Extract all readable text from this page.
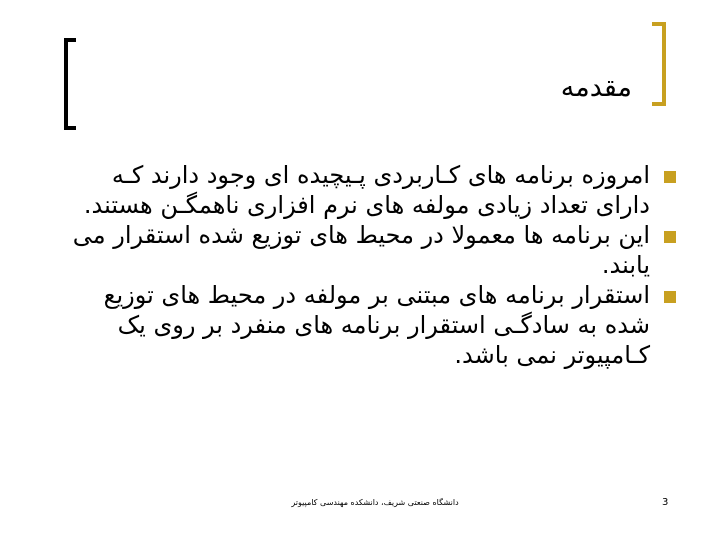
مقدمه
امروزه برنامه های کـاربردی پـیچیده ای وجود دارند کـه دارای تعداد زیادی مولفه های نرم افزاری ناهمگـن هستند.
این برنامه ها معمولا در محیط های توزیع شده استقرار می یابند.
استقرار برنامه های مبتنی بر مولفه در محیط های توزیع شده به سادگـی استقرار برنامه های منفرد بر روی یک کـامپیوتر نمی باشد.
دانشگاه صنعتی شریف، دانشکده مهندسی کامپیوتر	3
